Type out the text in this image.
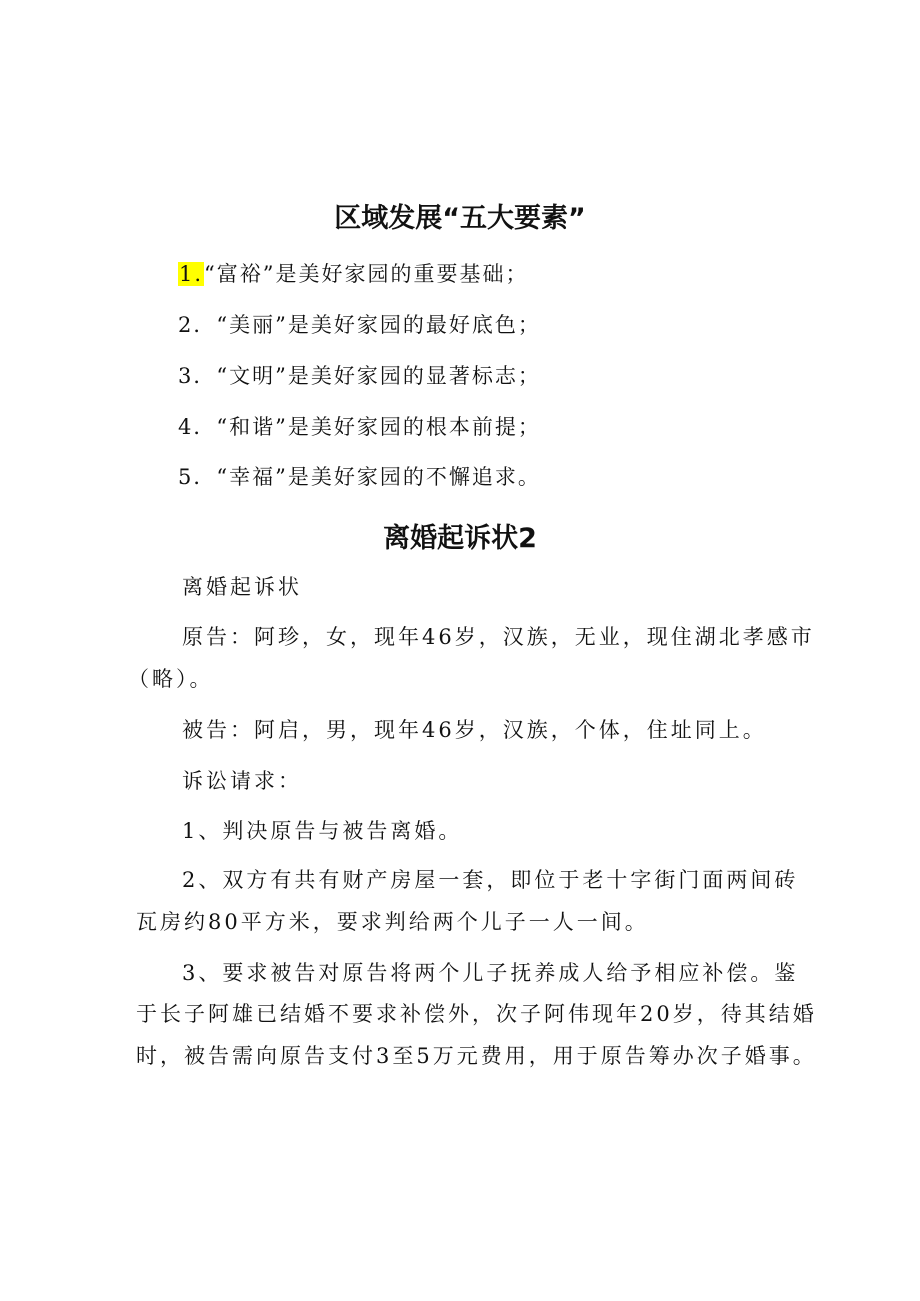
区域发展“五大要素”
1.“富裕”是美好家园的重要基础；
2．“美丽”是美好家园的最好底色；
3．“文明”是美好家园的显著标志；
4．“和谐”是美好家园的根本前提；
5．“幸福”是美好家园的不懈追求。
离婚起诉状2
离婚起诉状
原告：阿珍，女，现年46岁，汉族，无业，现住湖北孝感市
（略）。
被告：阿启，男，现年46岁，汉族，个体，住址同上。
诉讼请求：
1、判决原告与被告离婚。
2、双方有共有财产房屋一套，即位于老十字街门面两间砖
瓦房约80平方米，要求判给两个儿子一人一间。
3、要求被告对原告将两个儿子抚养成人给予相应补偿。鉴
于长子阿雄已结婚不要求补偿外，次子阿伟现年20岁，待其结婚
时，被告需向原告支付3至5万元费用，用于原告筹办次子婚事。
